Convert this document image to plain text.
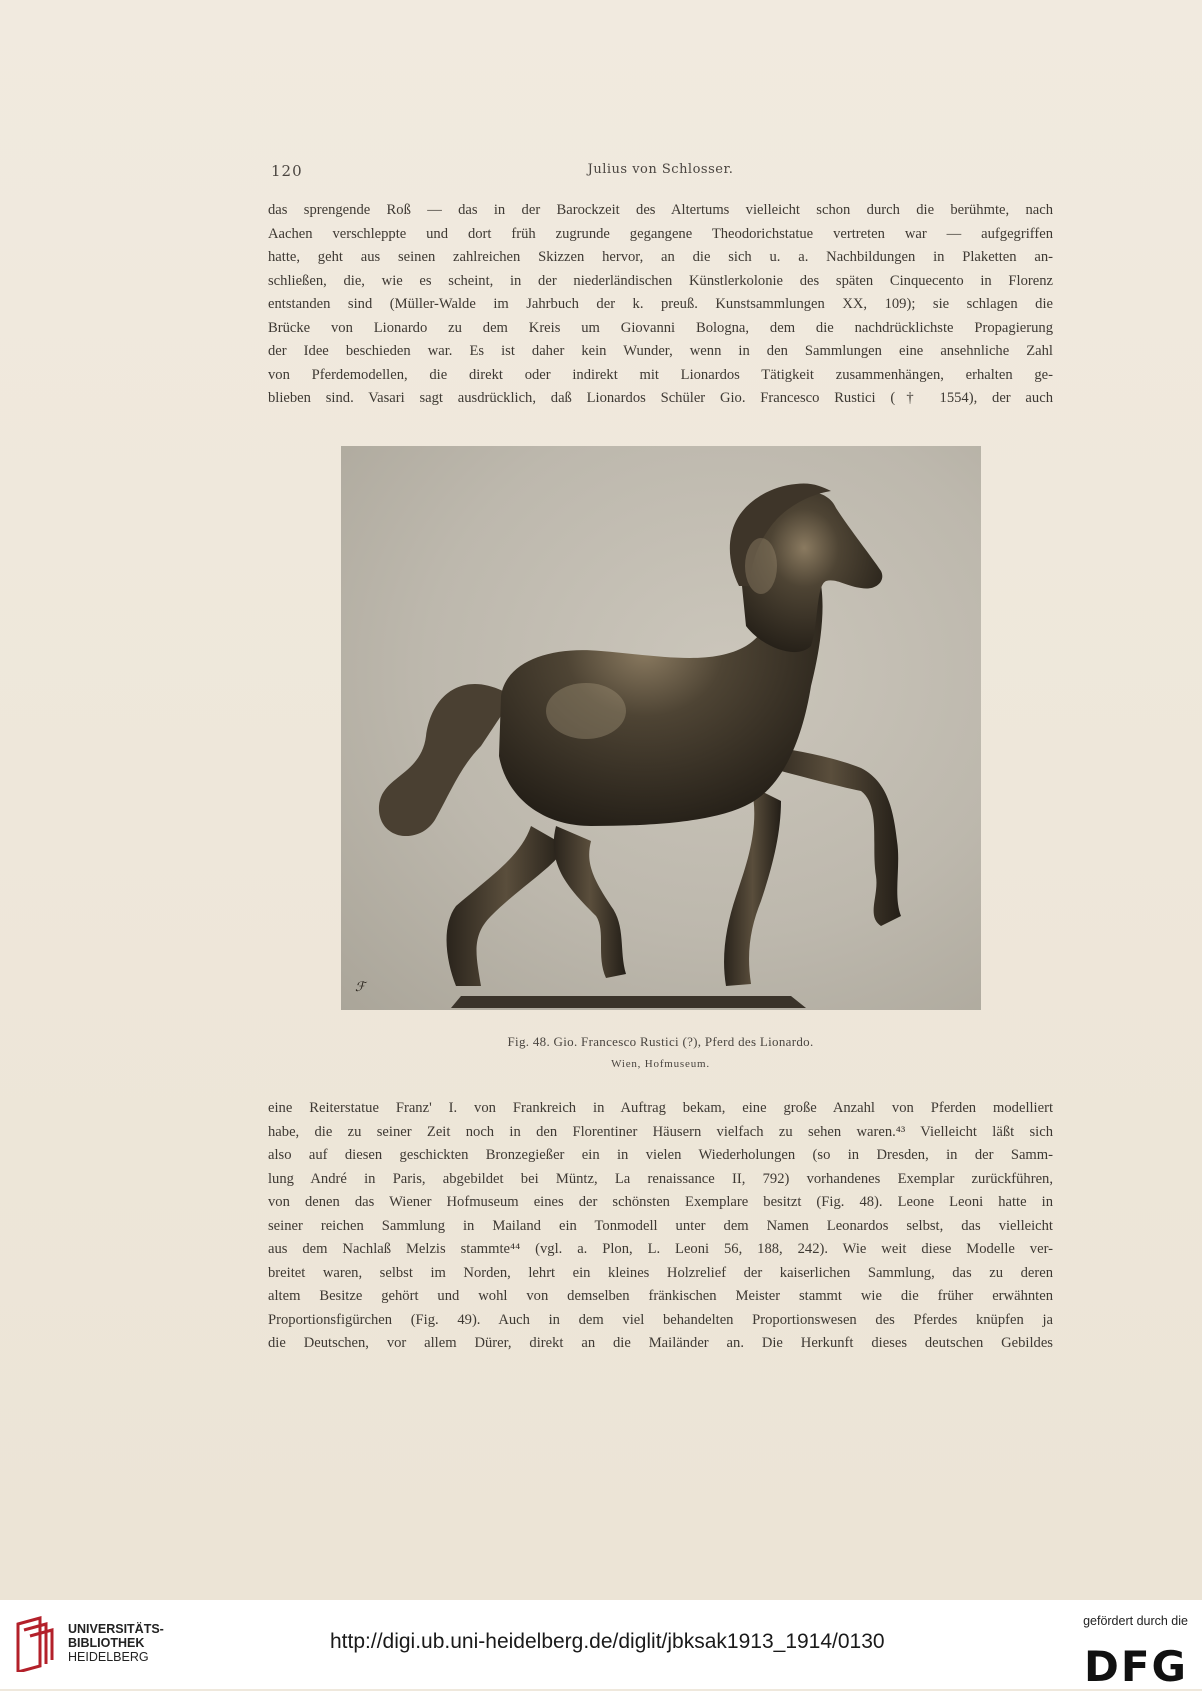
120	Julius von Schlosser.
das sprengende Roß — das in der Barockzeit des Altertums vielleicht schon durch die berühmte, nach
Aachen verschleppte und dort früh zugrunde gegangene Theodorichstatue vertreten war — aufgegriffen
hatte, geht aus seinen zahlreichen Skizzen hervor, an die sich u. a. Nachbildungen in Plaketten an-
schließen, die, wie es scheint, in der niederländischen Künstlerkolonie des späten Cinquecento in Florenz
entstanden sind (Müller-Walde im Jahrbuch der k. preuß. Kunstsammlungen XX, 109); sie schlagen die
Brücke von Lionardo zu dem Kreis um Giovanni Bologna, dem die nachdrücklichste Propagierung
der Idee beschieden war. Es ist daher kein Wunder, wenn in den Sammlungen eine ansehnliche Zahl
von Pferdemodellen, die direkt oder indirekt mit Lionardos Tätigkeit zusammenhängen, erhalten ge-
blieben sind. Vasari sagt ausdrücklich, daß Lionardos Schüler Gio. Francesco Rustici († 1554), der auch
ℱ
Fig. 48. Gio. Francesco Rustici (?), Pferd des Lionardo.
Wien, Hofmuseum.
eine Reiterstatue Franz' I. von Frankreich in Auftrag bekam, eine große Anzahl von Pferden modelliert
habe, die zu seiner Zeit noch in den Florentiner Häusern vielfach zu sehen waren.⁴³ Vielleicht läßt sich
also auf diesen geschickten Bronzegießer ein in vielen Wiederholungen (so in Dresden, in der Samm-
lung André in Paris, abgebildet bei Müntz, La renaissance II, 792) vorhandenes Exemplar zurückführen,
von denen das Wiener Hofmuseum eines der schönsten Exemplare besitzt (Fig. 48). Leone Leoni hatte in
seiner reichen Sammlung in Mailand ein Tonmodell unter dem Namen Leonardos selbst, das vielleicht
aus dem Nachlaß Melzis stammte⁴⁴ (vgl. a. Plon, L. Leoni 56, 188, 242). Wie weit diese Modelle ver-
breitet waren, selbst im Norden, lehrt ein kleines Holzrelief der kaiserlichen Sammlung, das zu deren
altem Besitze gehört und wohl von demselben fränkischen Meister stammt wie die früher erwähnten
Proportionsfigürchen (Fig. 49). Auch in dem viel behandelten Proportionswesen des Pferdes knüpfen ja
die Deutschen, vor allem Dürer, direkt an die Mailänder an. Die Herkunft dieses deutschen Gebildes
UNIVERSITÄTS-
BIBLIOTHEK
HEIDELBERG
http://digi.ub.uni-heidelberg.de/diglit/jbksak1913_1914/0130
gefördert durch die
DFG
